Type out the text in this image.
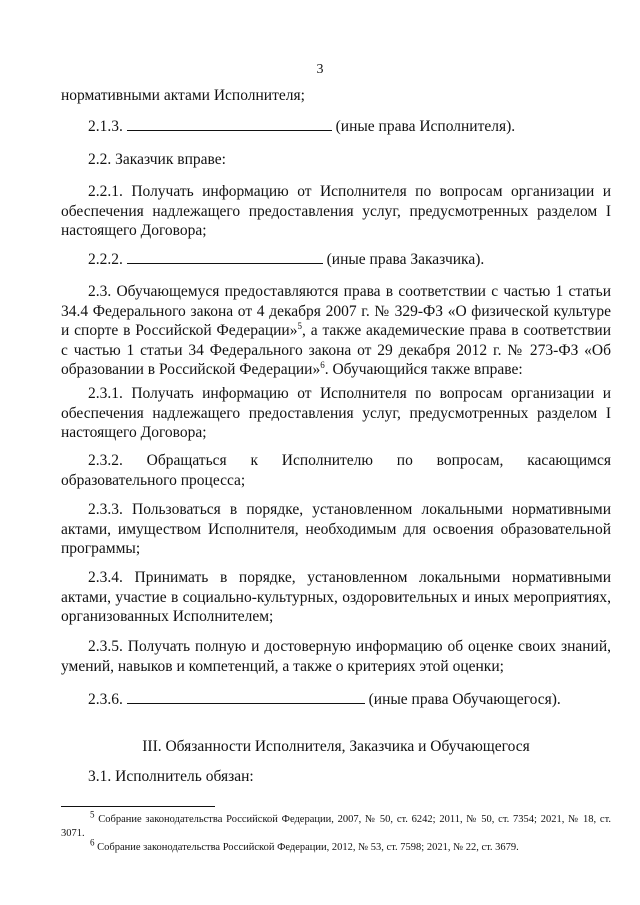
3
нормативными актами Исполнителя;
2.1.3.	(иные права Исполнителя).
2.2. Заказчик вправе:
2.2.1. Получать информацию от Исполнителя по вопросам организации и обеспечения надлежащего предоставления услуг, предусмотренных разделом I настоящего Договора;
2.2.2.	(иные права Заказчика).
2.3. Обучающемуся предоставляются права в соответствии с частью 1 статьи 34.4 Федерального закона от 4 декабря 2007 г. № 329-ФЗ «О физической культуре и спорте в Российской Федерации»$^5$, а также академические права в соответствии с частью 1 статьи 34 Федерального закона от 29 декабря 2012 г. № 273-ФЗ «Об образовании в Российской Федерации»$^6$. Обучающийся также вправе:
2.3.1. Получать информацию от Исполнителя по вопросам организации и обеспечения надлежащего предоставления услуг, предусмотренных разделом I настоящего Договора;
2.3.2. Обращаться к Исполнителю по вопросам, касающимся образовательного процесса;
2.3.3. Пользоваться в порядке, установленном локальными нормативными актами, имуществом Исполнителя, необходимым для освоения образовательной программы;
2.3.4. Принимать в порядке, установленном локальными нормативными актами, участие в социально-культурных, оздоровительных и иных мероприятиях, организованных Исполнителем;
2.3.5. Получать полную и достоверную информацию об оценке своих знаний, умений, навыков и компетенций, а также о критериях этой оценки;
2.3.6.	(иные права Обучающегося).
III. Обязанности Исполнителя, Заказчика и Обучающегося
3.1. Исполнитель обязан:
$^5$ Собрание законодательства Российской Федерации, 2007, № 50, ст. 6242; 2011, № 50, ст. 7354; 2021, № 18, ст. 3071.
$^6$ Собрание законодательства Российской Федерации, 2012, № 53, ст. 7598; 2021, № 22, ст. 3679.
